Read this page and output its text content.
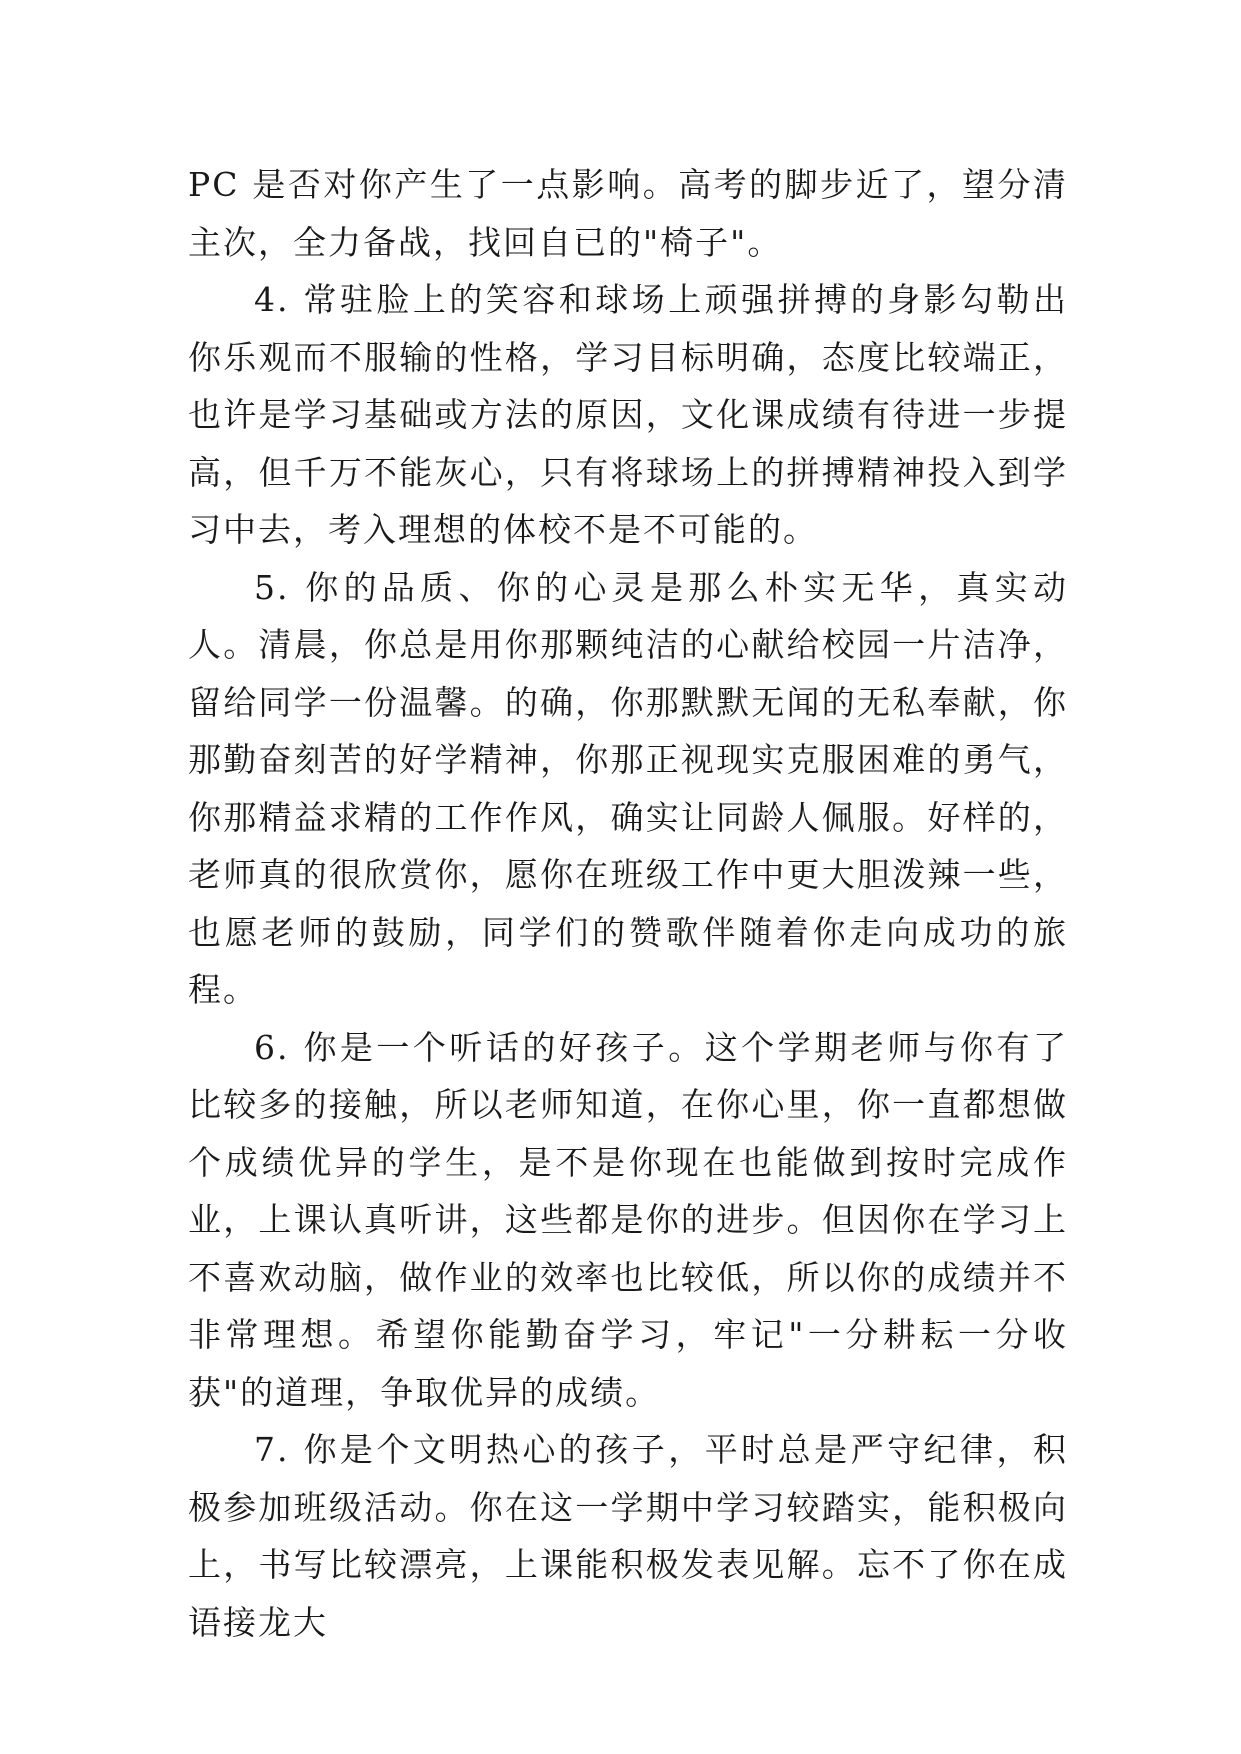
PC 是否对你产生了一点影响。高考的脚步近了，望分清主次，全力备战，找回自已的"椅子"。

4. 常驻脸上的笑容和球场上顽强拼搏的身影勾勒出你乐观而不服输的性格，学习目标明确，态度比较端正，也许是学习基础或方法的原因，文化课成绩有待进一步提高，但千万不能灰心，只有将球场上的拼搏精神投入到学习中去，考入理想的体校不是不可能的。

5. 你的品质、你的心灵是那么朴实无华，真实动人。清晨，你总是用你那颗纯洁的心献给校园一片洁净，留给同学一份温馨。的确，你那默默无闻的无私奉献，你那勤奋刻苦的好学精神，你那正视现实克服困难的勇气，你那精益求精的工作作风，确实让同龄人佩服。好样的，老师真的很欣赏你，愿你在班级工作中更大胆泼辣一些，也愿老师的鼓励，同学们的赞歌伴随着你走向成功的旅程。

6. 你是一个听话的好孩子。这个学期老师与你有了比较多的接触，所以老师知道，在你心里，你一直都想做个成绩优异的学生，是不是你现在也能做到按时完成作业，上课认真听讲，这些都是你的进步。但因你在学习上不喜欢动脑，做作业的效率也比较低，所以你的成绩并不非常理想。希望你能勤奋学习，牢记"一分耕耘一分收获"的道理，争取优异的成绩。

7. 你是个文明热心的孩子，平时总是严守纪律，积极参加班级活动。你在这一学期中学习较踏实，能积极向上，书写比较漂亮，上课能积极发表见解。忘不了你在成语接龙大
